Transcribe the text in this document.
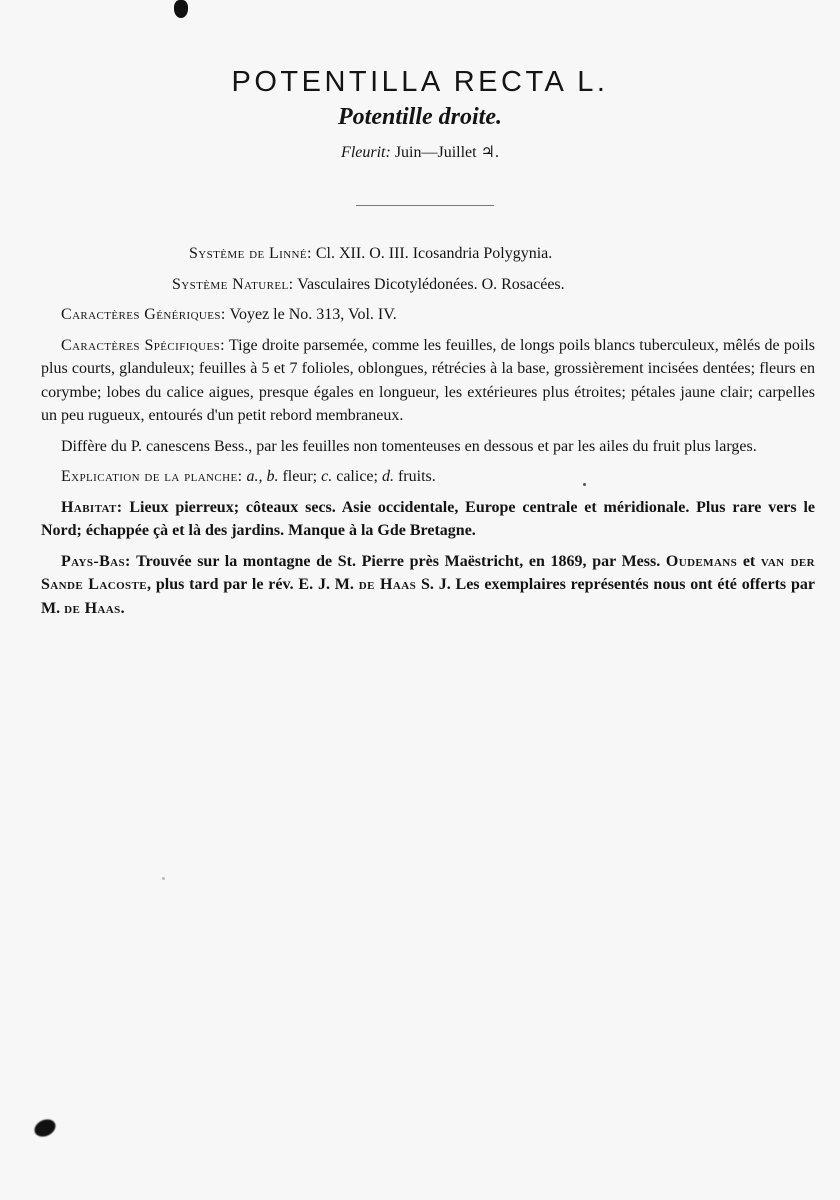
POTENTILLA RECTA L.
Potentille droite.
Fleurit: Juin—Juillet ♃.

Système de Linné: Cl. XII. O. III. Icosandria Polygynia.

Système Naturel: Vasculaires Dicotylédonées. O. Rosacées.

Caractères Génériques: Voyez le No. 313, Vol. IV.

Caractères Spécifiques: Tige droite parsemée, comme les feuilles, de longs poils blancs tuberculeux, mêlés de poils plus courts, glanduleux; feuilles à 5 et 7 folioles, oblongues, rétrécies à la base, grossièrement incisées dentées; fleurs en corymbe; lobes du calice aigues, presque égales en longueur, les extérieures plus étroites; pétales jaune clair; carpelles un peu rugueux, entourés d'un petit rebord membraneux.

Diffère du P. canescens Bess., par les feuilles non tomenteuses en dessous et par les ailes du fruit plus larges.

Explication de la planche: a., b. fleur; c. calice; d. fruits.

Habitat: Lieux pierreux; côteaux secs. Asie occidentale, Europe centrale et méridionale. Plus rare vers le Nord; échappée çà et là des jardins. Manque à la Gde Bretagne.

Pays-Bas: Trouvée sur la montagne de St. Pierre près Maëstricht, en 1869, par Mess. Oudemans et van der Sande Lacoste, plus tard par le rév. E. J. M. de Haas S. J. Les exemplaires représentés nous ont été offerts par M. de Haas.
